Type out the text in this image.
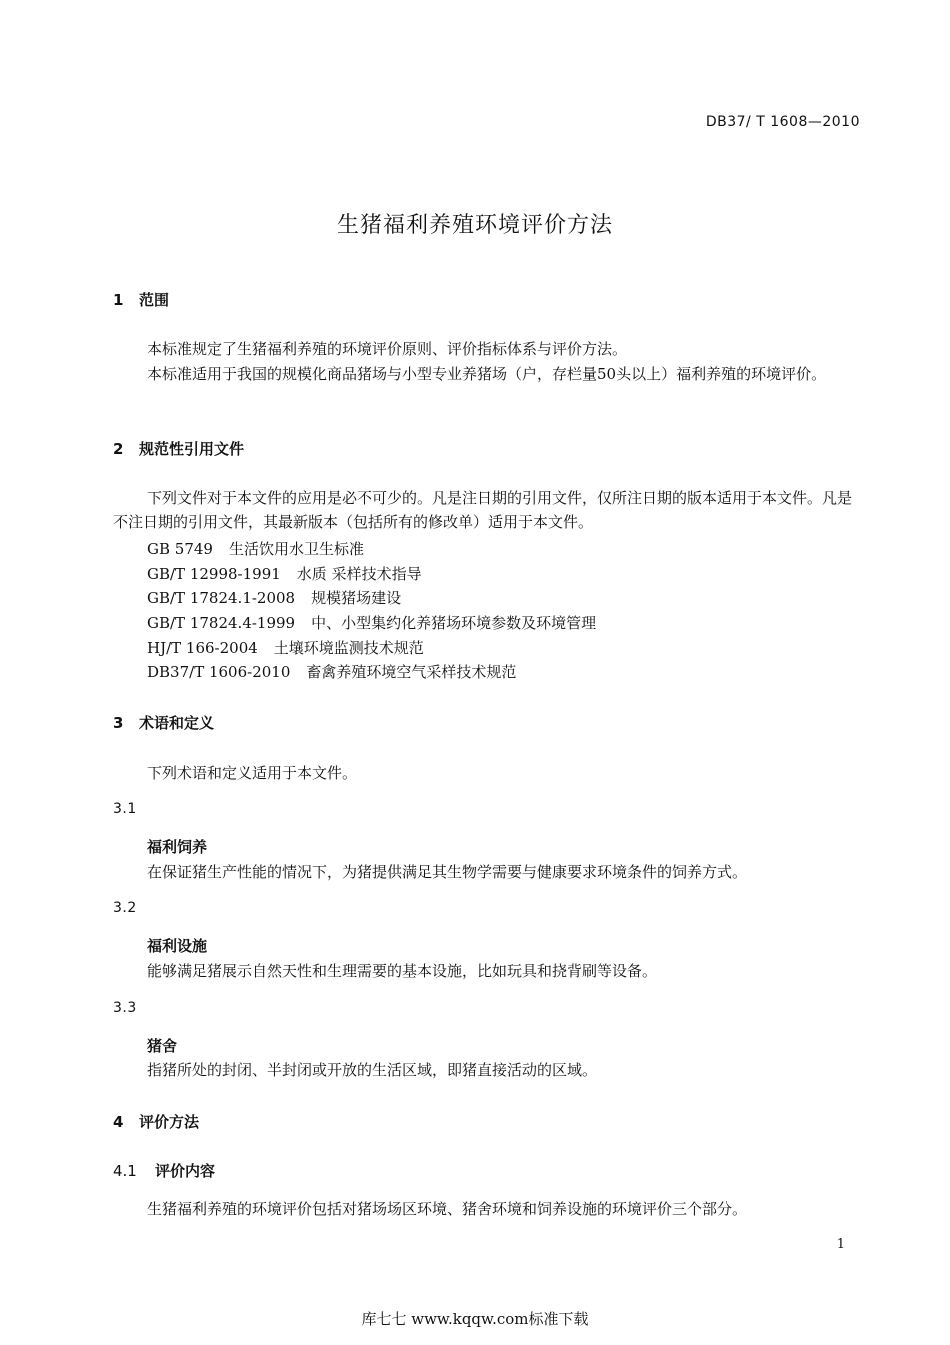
DB37/ T 1608—2010
生猪福利养殖环境评价方法
1 范围
本标准规定了生猪福利养殖的环境评价原则、评价指标体系与评价方法。
本标准适用于我国的规模化商品猪场与小型专业养猪场（户，存栏量50头以上）福利养殖的环境评价。
2 规范性引用文件
下列文件对于本文件的应用是必不可少的。凡是注日期的引用文件，仅所注日期的版本适用于本文件。凡是不注日期的引用文件，其最新版本（包括所有的修改单）适用于本文件。
GB 5749 生活饮用水卫生标准
GB/T 12998-1991 水质 采样技术指导
GB/T 17824.1-2008 规模猪场建设
GB/T 17824.4-1999 中、小型集约化养猪场环境参数及环境管理
HJ/T 166-2004 土壤环境监测技术规范
DB37/T 1606-2010 畜禽养殖环境空气采样技术规范
3 术语和定义
下列术语和定义适用于本文件。
3.1
福利饲养
在保证猪生产性能的情况下，为猪提供满足其生物学需要与健康要求环境条件的饲养方式。
3.2
福利设施
能够满足猪展示自然天性和生理需要的基本设施，比如玩具和挠背刷等设备。
3.3
猪舍
指猪所处的封闭、半封闭或开放的生活区域，即猪直接活动的区域。
4 评价方法
4.1 评价内容
生猪福利养殖的环境评价包括对猪场场区环境、猪舍环境和饲养设施的环境评价三个部分。
1
库七七 www.kqqw.com标准下载
